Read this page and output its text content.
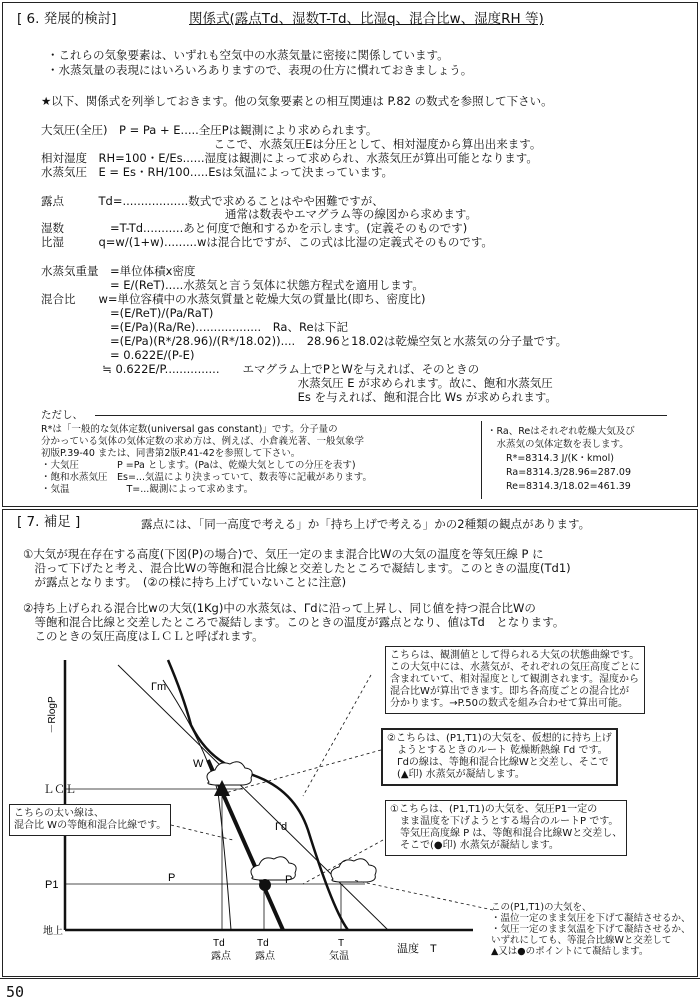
[ 6. 発展的検討]	関係式(露点Td、湿数T-Td、比湿q、混合比w、湿度RH 等)
・これらの気象要素は、いずれも空気中の水蒸気量に密接に関係しています。
・水蒸気量の表現にはいろいろありますので、表現の仕方に慣れておきましょう。
★以下、関係式を列挙しておきます。他の気象要素との相互関連は P.82 の数式を参照して下さい。
大気圧(全圧)　P = Pa + E.....全圧Pは観測により求められます。
　　　　　　　　　　　　　　　ここで、水蒸気圧Eは分圧として、相対湿度から算出出来ます。
相対湿度　RH=100・E/Es......湿度は観測によって求められ、水蒸気圧が算出可能となります。
水蒸気圧　E = Es・RH/100.....Esは気温によって決まっています。
露点　　　Td=..................数式で求めることはやや困難ですが、
　　　　　　　　　　　　　　　　通常は数表やエマグラム等の線図から求めます。
湿数　　　　=T-Td...........あと何度で飽和するかを示します。(定義そのものです)
比湿　　　q=w/(1+w).........wは混合比ですが、この式は比湿の定義式そのものです。
水蒸気重量　=単位体積x密度
　　　　　　= E/(ReT).....水蒸気と言う気体に状態方程式を適用します。
混合比　　w=単位容積中の水蒸気質量と乾燥大気の質量比(即ち、密度比)
　　　　　　=(E/ReT)/(Pa/RaT)
　　　　　　=(E/Pa)(Ra/Re)..................　Ra、Reは下記
　　　　　　=(E/Pa)(R*/28.96)/(R*/18.02))....　28.96と18.02は乾燥空気と水蒸気の分子量です。
　　　　　　= 0.622E/(P-E)
　　　　　 ≒ 0.622E/P...............　　エマグラム上でPとWを与えれば、そのときの
　　　　　　　　　　　　　　　　　　　　　　 水蒸気圧 E が求められます。故に、飽和水蒸気圧
　　　　　　　　　　　　　　　　　　　　　　 Es を与えれば、飽和混合比 Ws が求められます。
ただし、
R*は「一般的な気体定数(universal gas constant)」です。分子量の
分かっている気体の気体定数の求め方は、例えば、小倉義光著、一般気象学
初版P.39-40 または、同書第2版P.41-42を参照して下さい。
・大気圧　　　　P =Pa とします。(Paは、乾燥大気としての分圧を表す)
・飽和水蒸気圧　Es=...気温により決まっていて、数表等に記載があります。
・気温　　　　　　T=...観測によって求めます。
・Ra、Reはそれぞれ乾燥大気及び
　水蒸気の気体定数を表します。
　　R*=8314.3 J/(K・kmol)
　　Ra=8314.3/28.96=287.09
　　Re=8314.3/18.02=461.39
[ 7. 補足 ]	露点には、「同一高度で考える」か「持ち上げで考える」かの2種類の観点があります。
①大気が現在存在する高度(下図(P)の場合)で、気圧一定のまま混合比Wの大気の温度を等気圧線 P に
　沿って下げたと考え、混合比Wの等飽和混合比線と交差したところで凝結します。このときの温度(Td1)
　が露点となります。　(②の様に持ち上げていないことに注意)
②持ち上げられる混合比wの大気(1Kg)中の水蒸気は、Γdに沿って上昇し、同じ値を持つ混合比Wの
　等飽和混合比線と交差したところで凝結します。このときの温度が露点となり、値はTd　となります。
　このときの気圧高度はＬＣＬと呼ばれます。
－RlogP
ＬＣＬ
P1
地上
温度　T
Γm
W
Γd
P	P
Td
露点
Td
露点
T
気温
こちらは、観測値として得られる大気の状態曲線です。
この大気中には、水蒸気が、それぞれの気圧高度ごとに
含まれていて、相対湿度として観測されます。湿度から
混合比Wが算出できます。即ち各高度ごとの混合比が
分かります。→P.50の数式を組み合わせて算出可能。
②こちらは、(P1,T1)の大気を、仮想的に持ち上げ
　ようとするときのルート 乾燥断熱線 Γd です。
　Γdの線は、等飽和混合比線Wと交差し、そこで
　(▲印) 水蒸気が凝結します。
①こちらは、(P1,T1)の大気を、気圧P1一定の
　まま温度を下げようとする場合のルートP です。
　等気圧高度線 P は、等飽和混合比線Wと交差し、
　そこで(●印) 水蒸気が凝結します。
こちらの太い線は、
混合比 Wの等飽和混合比線です。
この(P1,T1)の大気を、
・温位一定のまま気圧を下げて凝結させるか、
・気圧一定のまま気温を下げて凝結させるか、
いずれにしても、等混合比線Wと交差して
▲又は●のポイントにて凝結します。
50
